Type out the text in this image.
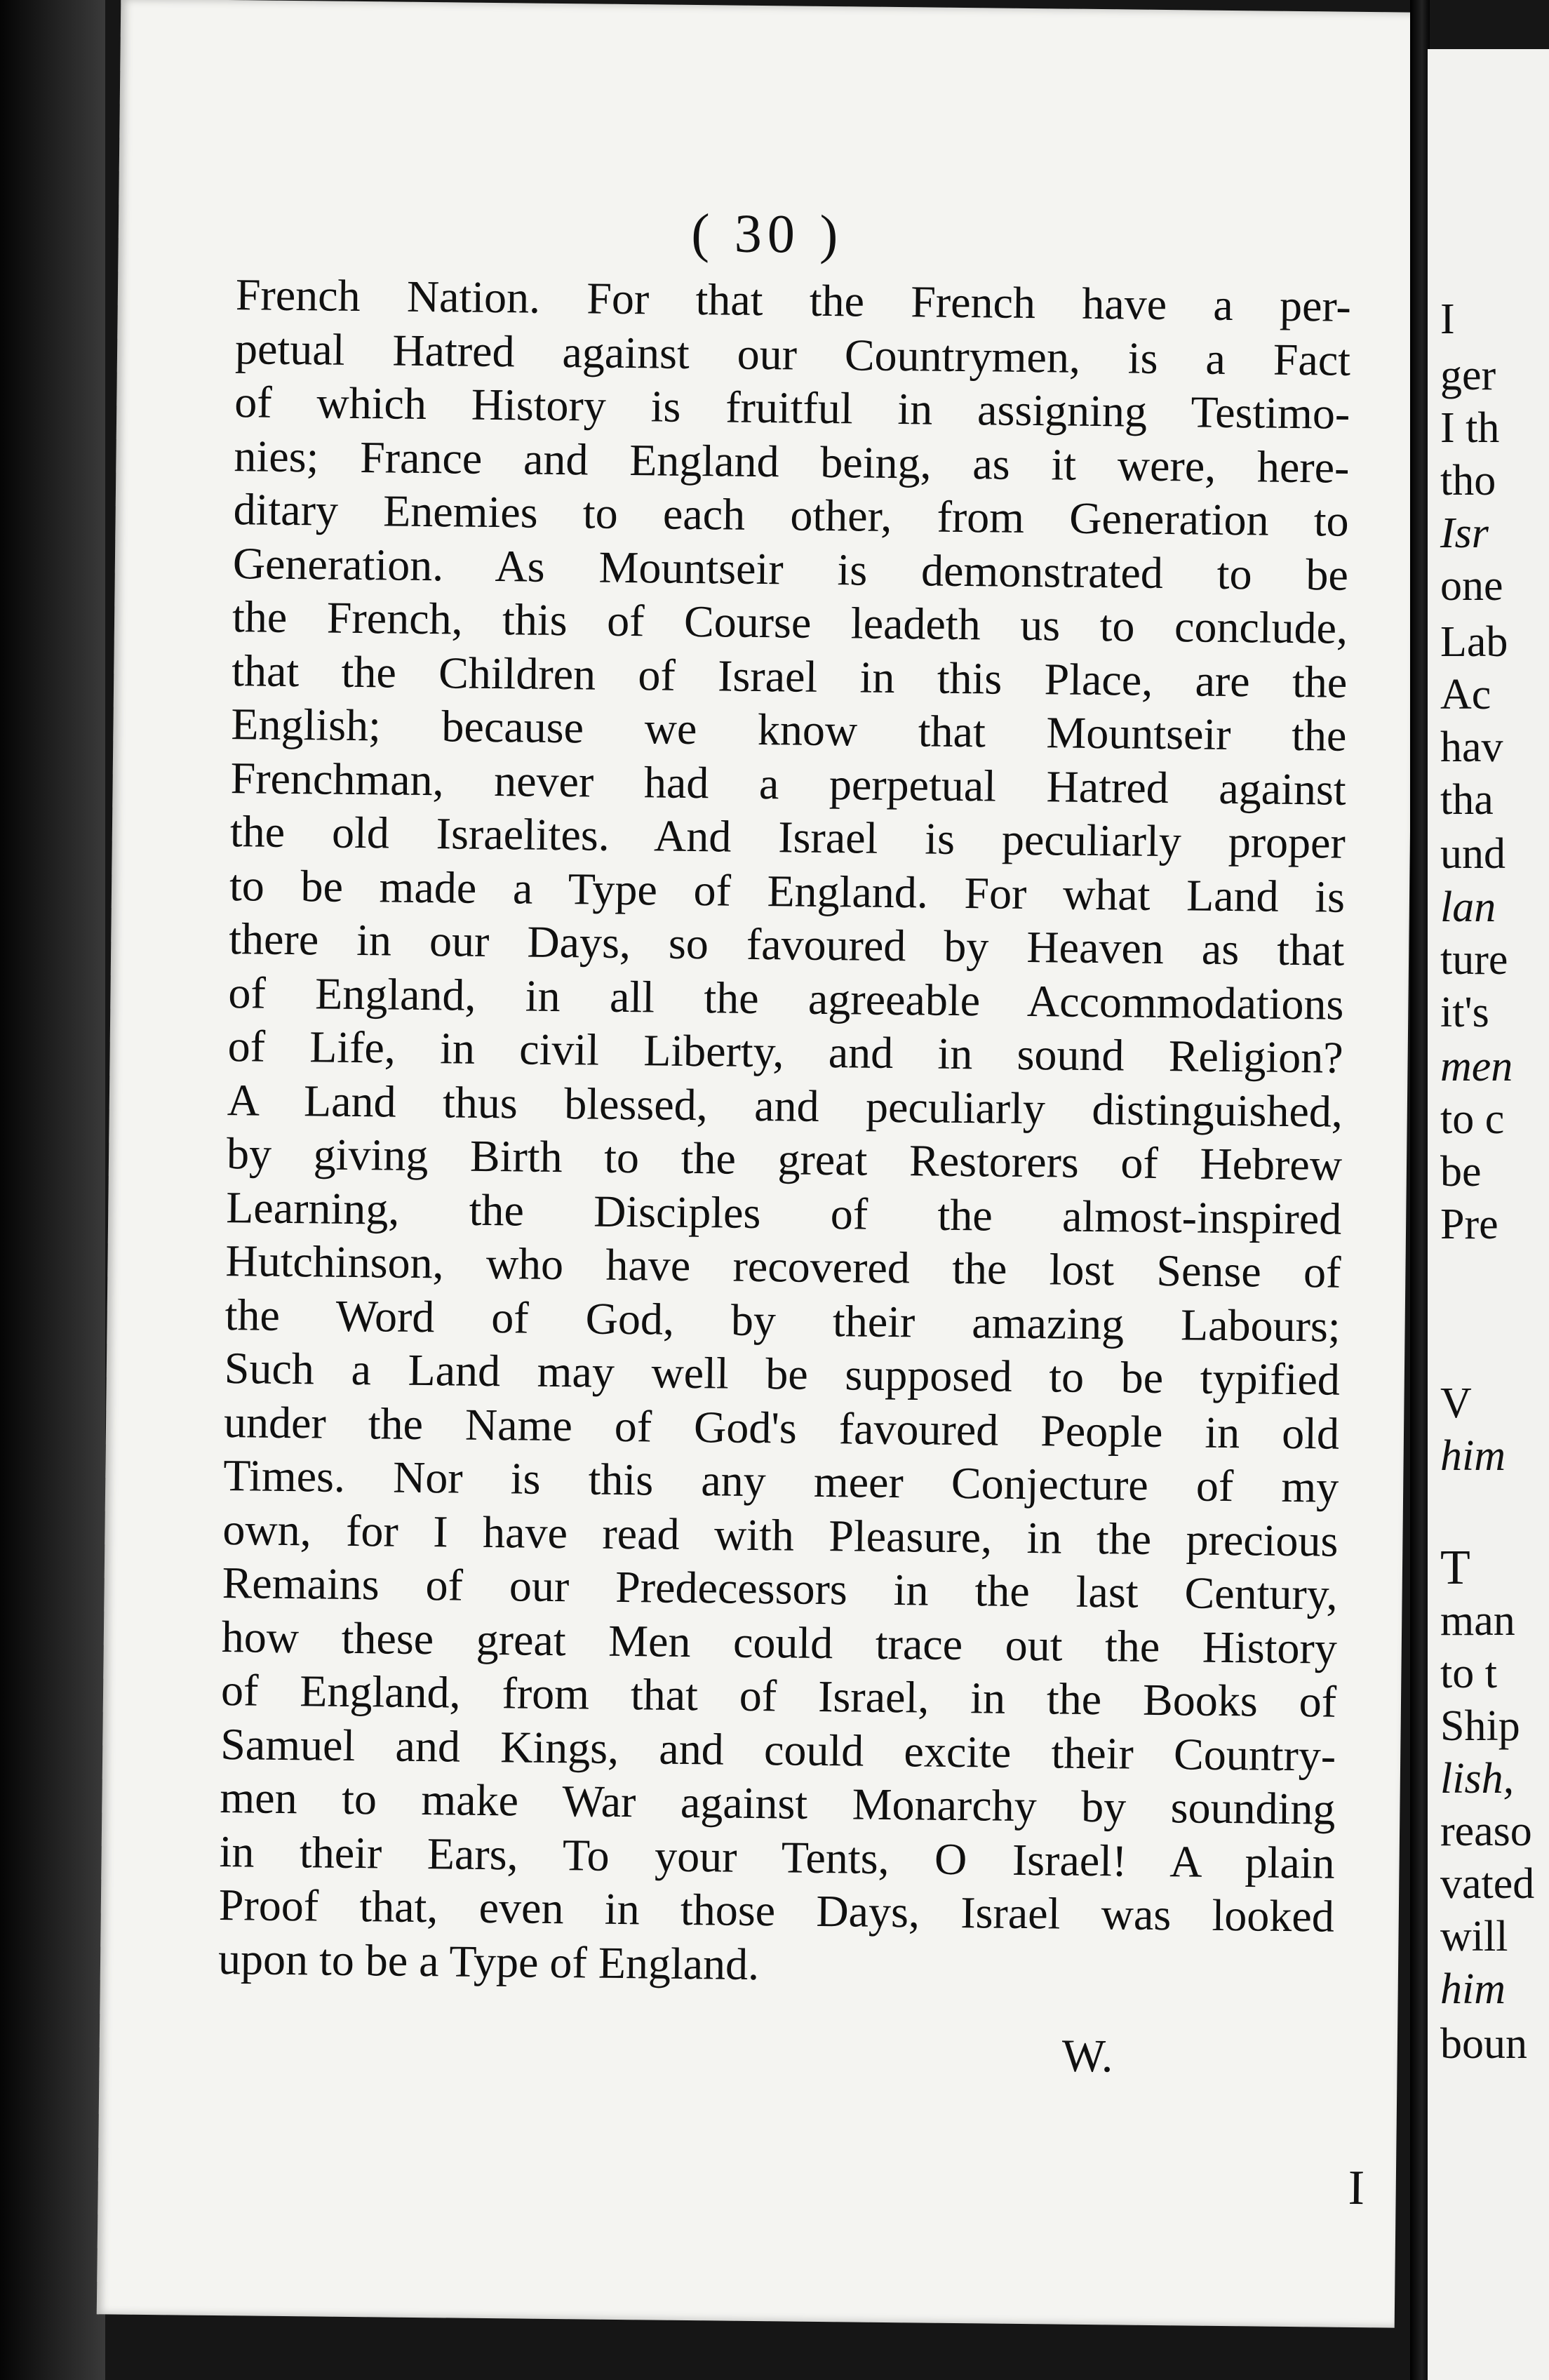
( 30 )
French Nation. For that the French have a per-
petual Hatred against our Countrymen, is a Fact
of which History is fruitful in assigning Testimo-
nies; France and England being, as it were, here-
ditary Enemies to each other, from Generation to
Generation. As Mountseir is demonstrated to be
the French, this of Course leadeth us to conclude,
that the Children of Israel in this Place, are the
English; because we know that Mountseir the
Frenchman, never had a perpetual Hatred against
the old Israelites. And Israel is peculiarly proper
to be made a Type of England. For what Land is
there in our Days, so favoured by Heaven as that
of England, in all the agreeable Accommodations
of Life, in civil Liberty, and in sound Religion?
A Land thus blessed, and peculiarly distinguished,
by giving Birth to the great Restorers of Hebrew
Learning, the Disciples of the almost-inspired
Hutchinson, who have recovered the lost Sense of
the Word of God, by their amazing Labours;
Such a Land may well be supposed to be typified
under the Name of God's favoured People in old
Times. Nor is this any meer Conjecture of my
own, for I have read with Pleasure, in the precious
Remains of our Predecessors in the last Century,
how these great Men could trace out the History
of England, from that of Israel, in the Books of
Samuel and Kings, and could excite their Country-
men to make War against Monarchy by sounding
in their Ears, To your Tents, O Israel! A plain
Proof that, even in those Days, Israel was looked
upon to be a Type of England.
W.
I
I
ger
I th
tho
Isr
one
Lab
Ac
hav
tha
und
lan
ture
it's
men
to c
be
Pre
V
him
T
man
to t
Ship
lish,
reaso
vated
will
him
boun
